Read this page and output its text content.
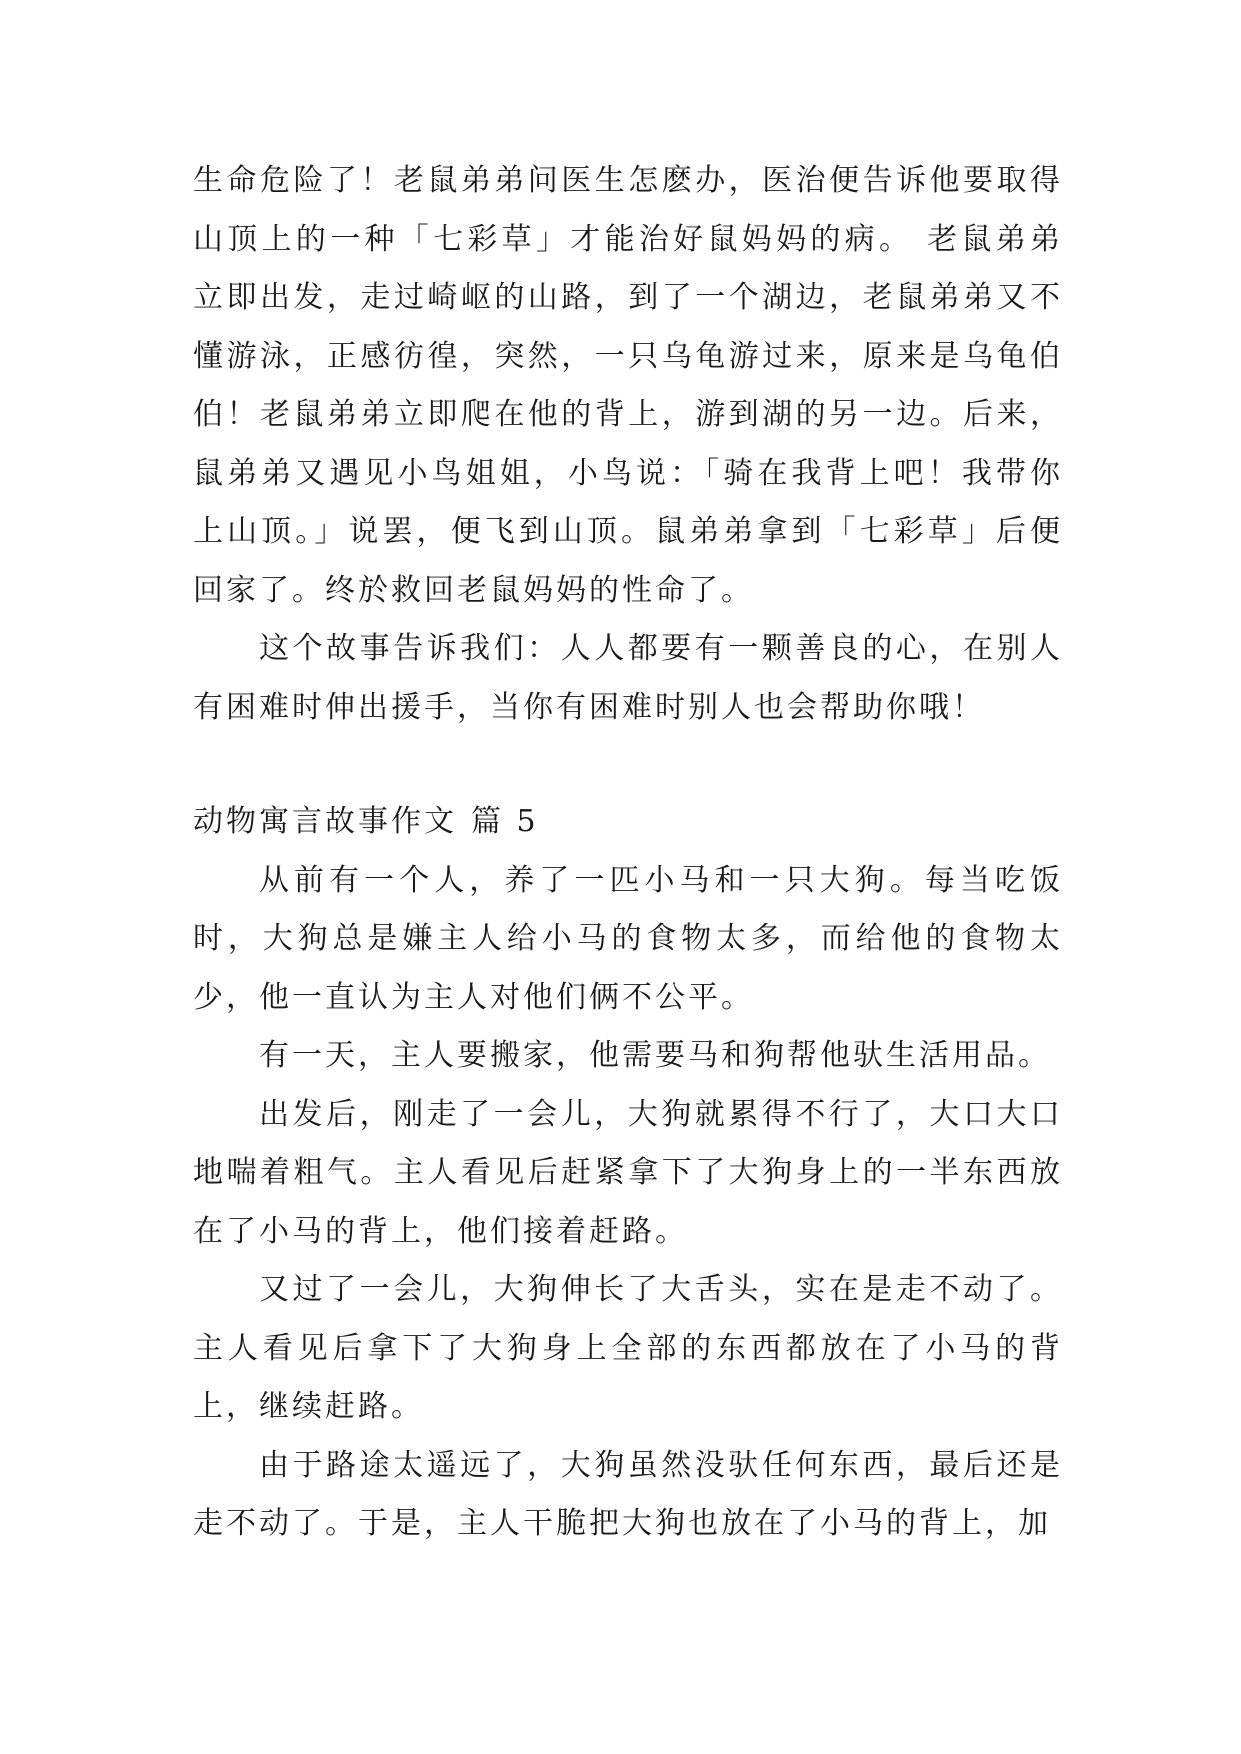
生命危险了！老鼠弟弟问医生怎麽办，医治便告诉他要取得山顶上的一种「七彩草」才能治好鼠妈妈的病。 老鼠弟弟立即出发，走过崎岖的山路，到了一个湖边，老鼠弟弟又不懂游泳，正感彷徨，突然，一只乌龟游过来，原来是乌龟伯伯！老鼠弟弟立即爬在他的背上，游到湖的另一边。后来，鼠弟弟又遇见小鸟姐姐，小鸟说：「骑在我背上吧！我带你上山顶。」说罢，便飞到山顶。鼠弟弟拿到「七彩草」后便回家了。终於救回老鼠妈妈的性命了。

这个故事告诉我们：人人都要有一颗善良的心，在别人有困难时伸出援手，当你有困难时别人也会帮助你哦！

动物寓言故事作文 篇 5

从前有一个人，养了一匹小马和一只大狗。每当吃饭时，大狗总是嫌主人给小马的食物太多，而给他的食物太少，他一直认为主人对他们俩不公平。

有一天，主人要搬家，他需要马和狗帮他驮生活用品。

出发后，刚走了一会儿，大狗就累得不行了，大口大口地喘着粗气。主人看见后赶紧拿下了大狗身上的一半东西放在了小马的背上，他们接着赶路。

又过了一会儿，大狗伸长了大舌头，实在是走不动了。主人看见后拿下了大狗身上全部的东西都放在了小马的背上，继续赶路。

由于路途太遥远了，大狗虽然没驮任何东西，最后还是走不动了。于是，主人干脆把大狗也放在了小马的背上，加
